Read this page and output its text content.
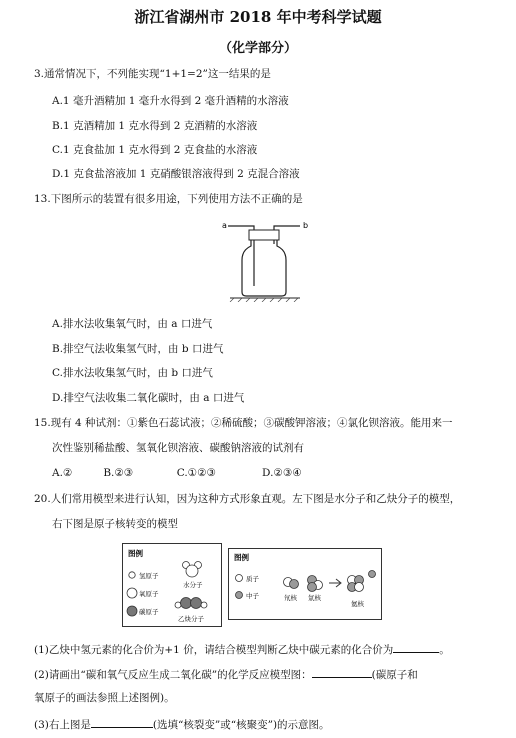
浙江省湖州市 2018 年中考科学试题
（化学部分）
3.通常情况下，不列能实现“1+1=2”这一结果的是
A.1 毫升酒精加 1 毫升水得到 2 毫升酒精的水溶液
B.1 克酒精加 1 克水得到 2 克酒精的水溶液
C.1 克食盐加 1 克水得到 2 克食盐的水溶液
D.1 克食盐溶液加 1 克硝酸银溶液得到 2 克混合溶液
13.下图所示的装置有很多用途，下列使用方法不正确的是
a	b
A.排水法收集氧气时，由 a 口进气
B.排空气法收集氢气时，由 b 口进气
C.排水法收集氢气时，由 b 口进气
D.排空气法收集二氧化碳时，由 a 口进气
15.现有 4 种试剂：①紫色石蕊试液；②稀硫酸；③碳酸钾溶液；④氯化钡溶液。能用来一
次性鉴别稀盐酸、氢氧化钡溶液、碳酸钠溶液的试剂有
A.②	B.②③	C.①②③	D.②③④
20.人们常用模型来进行认知，因为这种方式形象直观。左下图是水分子和乙炔分子的模型，
右下图是原子核转变的模型
图例
氢原子
氧原子
碳原子
水分子
乙炔分子
图例
质子
中子	氘核 氚核
氦核
(1)乙炔中氢元素的化合价为+1 价，请结合模型判断乙炔中碳元素的化合价为	。
(2)请画出“碳和氧气反应生成二氧化碳”的化学反应模型图：	(碳原子和
氧原子的画法参照上述图例)。
(3)右上图是	(选填“核裂变”或“核聚变”)的示意图。
